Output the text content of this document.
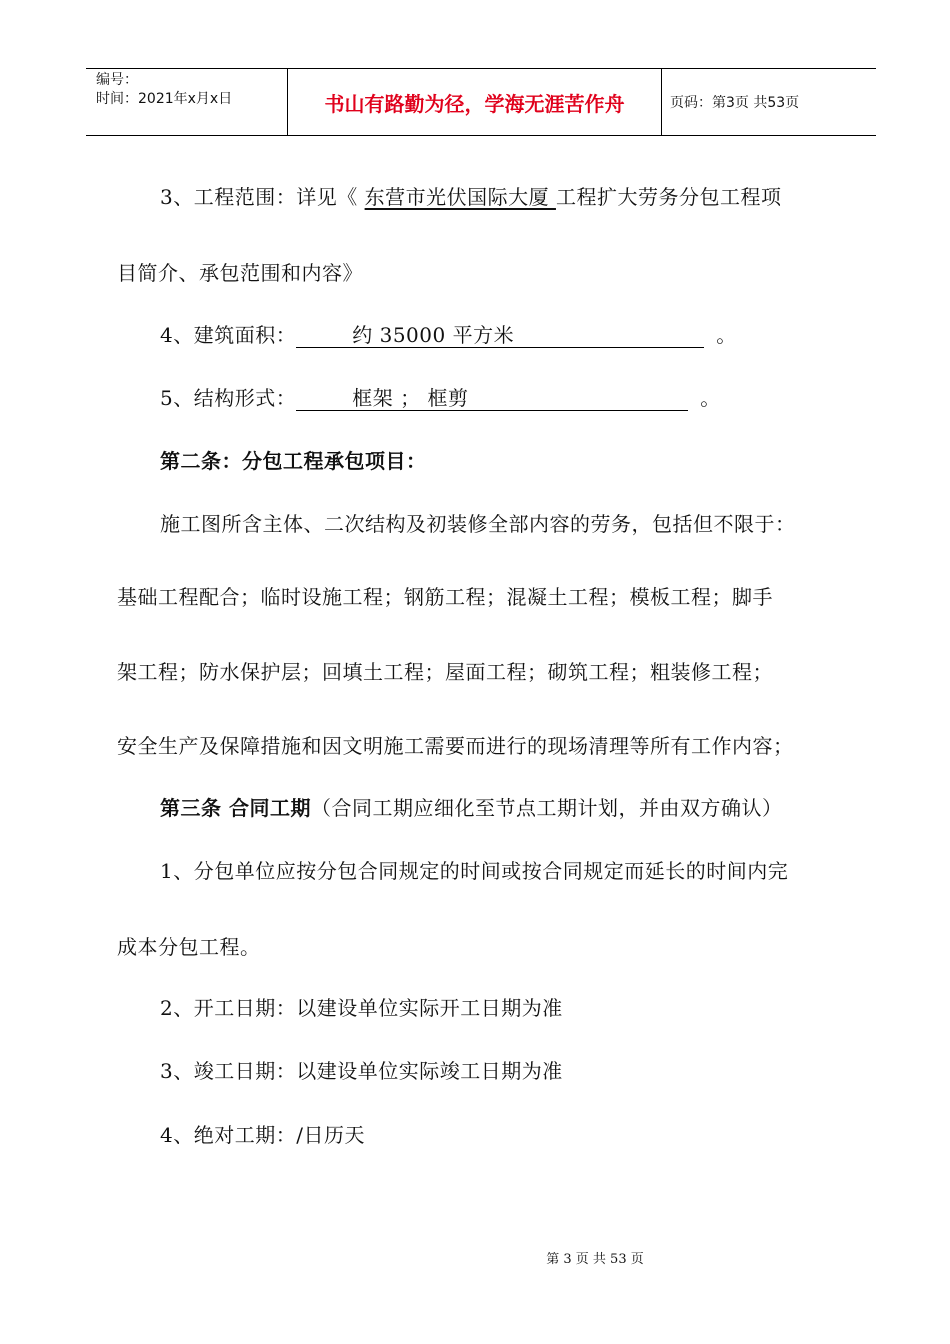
编号：
时间：2021年x月x日	书山有路勤为径，学海无涯苦作舟	页码：第3页 共53页
3、工程范围：详见《 东营市光伏国际大厦 工程扩大劳务分包工程项
目简介、承包范围和内容》
4、建筑面积：	约 35000 平方米	。
5、结构形式：	框架 ； 框剪	。
第二条：分包工程承包项目：
施工图所含主体、二次结构及初装修全部内容的劳务，包括但不限于：
基础工程配合；临时设施工程；钢筋工程；混凝土工程；模板工程；脚手
架工程；防水保护层；回填土工程；屋面工程；砌筑工程；粗装修工程；
安全生产及保障措施和因文明施工需要而进行的现场清理等所有工作内容；
第三条 合同工期（合同工期应细化至节点工期计划，并由双方确认）
1、分包单位应按分包合同规定的时间或按合同规定而延长的时间内完
成本分包工程。
2、开工日期：以建设单位实际开工日期为准
3、竣工日期：以建设单位实际竣工日期为准
4、绝对工期：/日历天
第 3 页 共 53 页
